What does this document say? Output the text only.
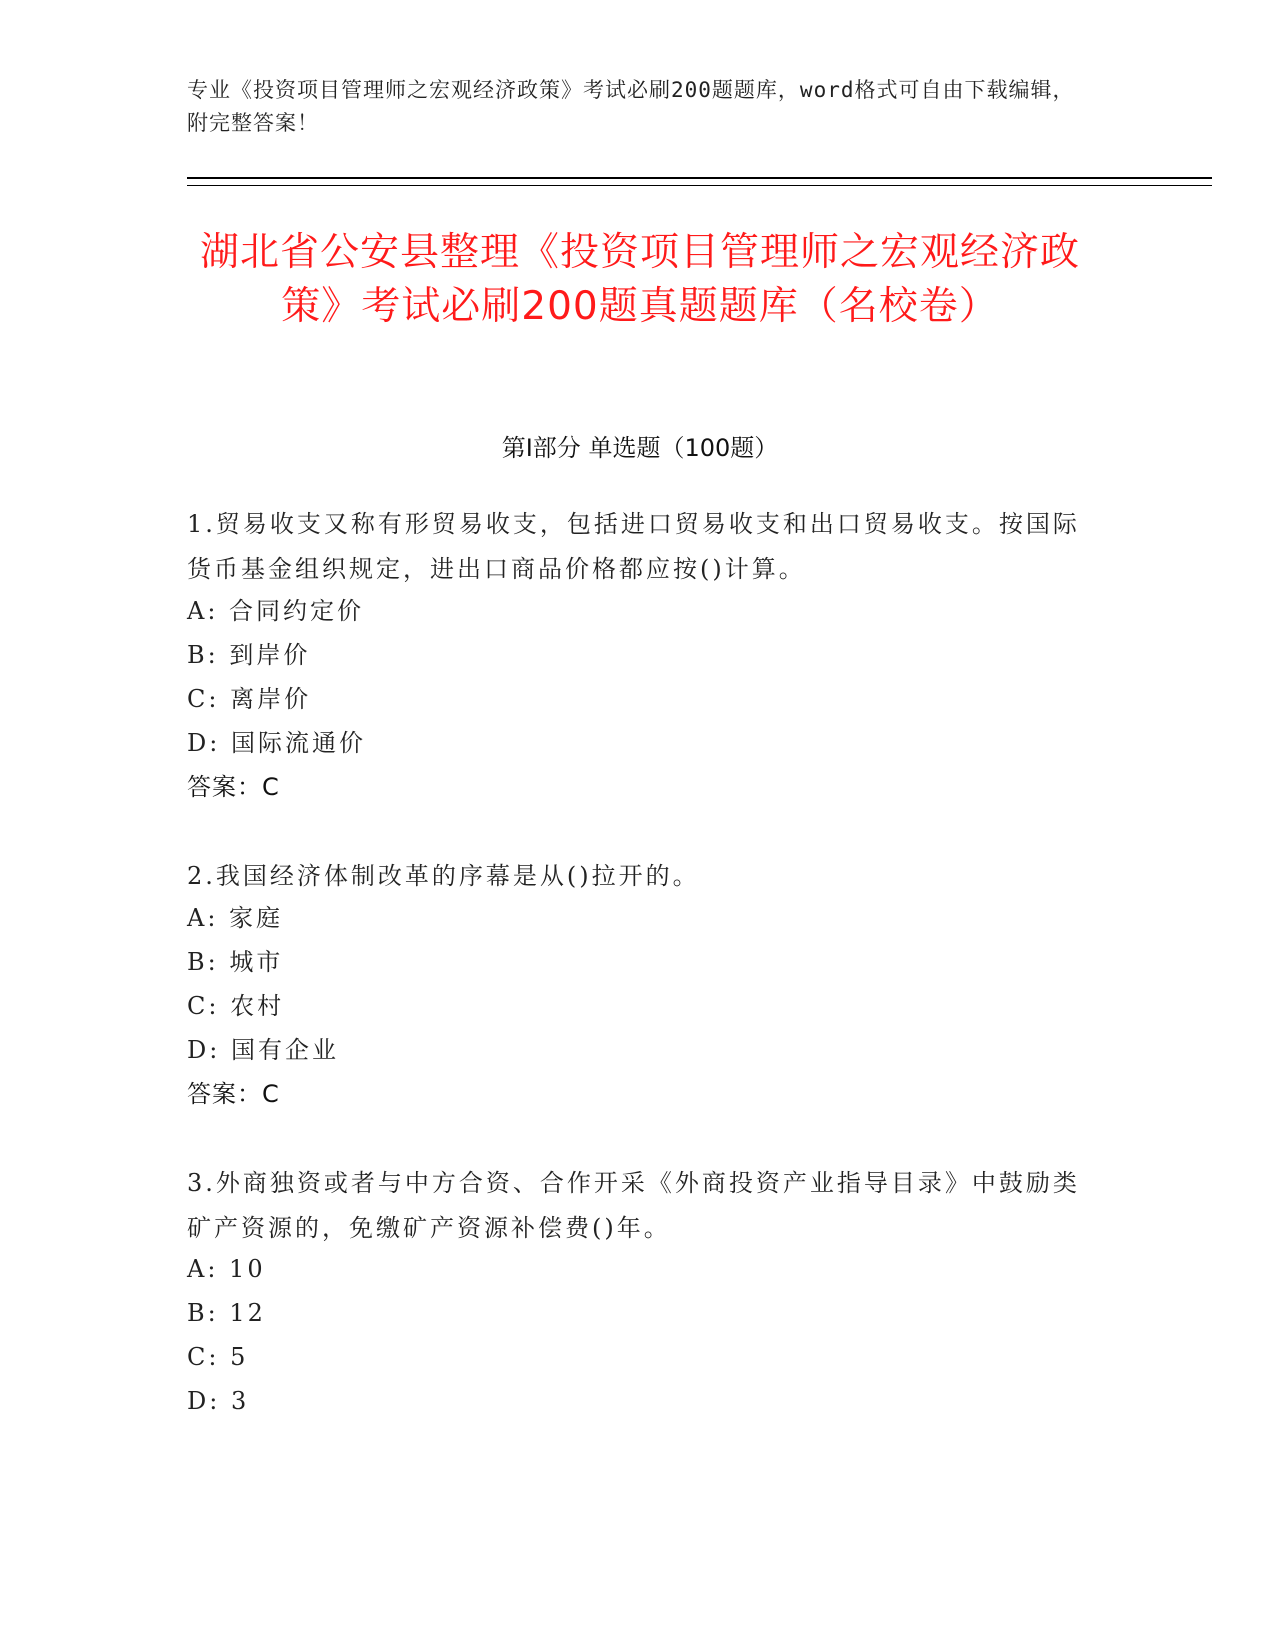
专业《投资项目管理师之宏观经济政策》考试必刷200题题库，word格式可自由下载编辑，附完整答案！
湖北省公安县整理《投资项目管理师之宏观经济政策》考试必刷200题真题题库（名校卷）
第I部分 单选题（100题）
1.贸易收支又称有形贸易收支，包括进口贸易收支和出口贸易收支。按国际货币基金组织规定，进出口商品价格都应按()计算。
A: 合同约定价
B: 到岸价
C: 离岸价
D: 国际流通价
答案：C
2.我国经济体制改革的序幕是从()拉开的。
A: 家庭
B: 城市
C: 农村
D: 国有企业
答案：C
3.外商独资或者与中方合资、合作开采《外商投资产业指导目录》中鼓励类矿产资源的，免缴矿产资源补偿费()年。
A: 10
B: 12
C: 5
D: 3
